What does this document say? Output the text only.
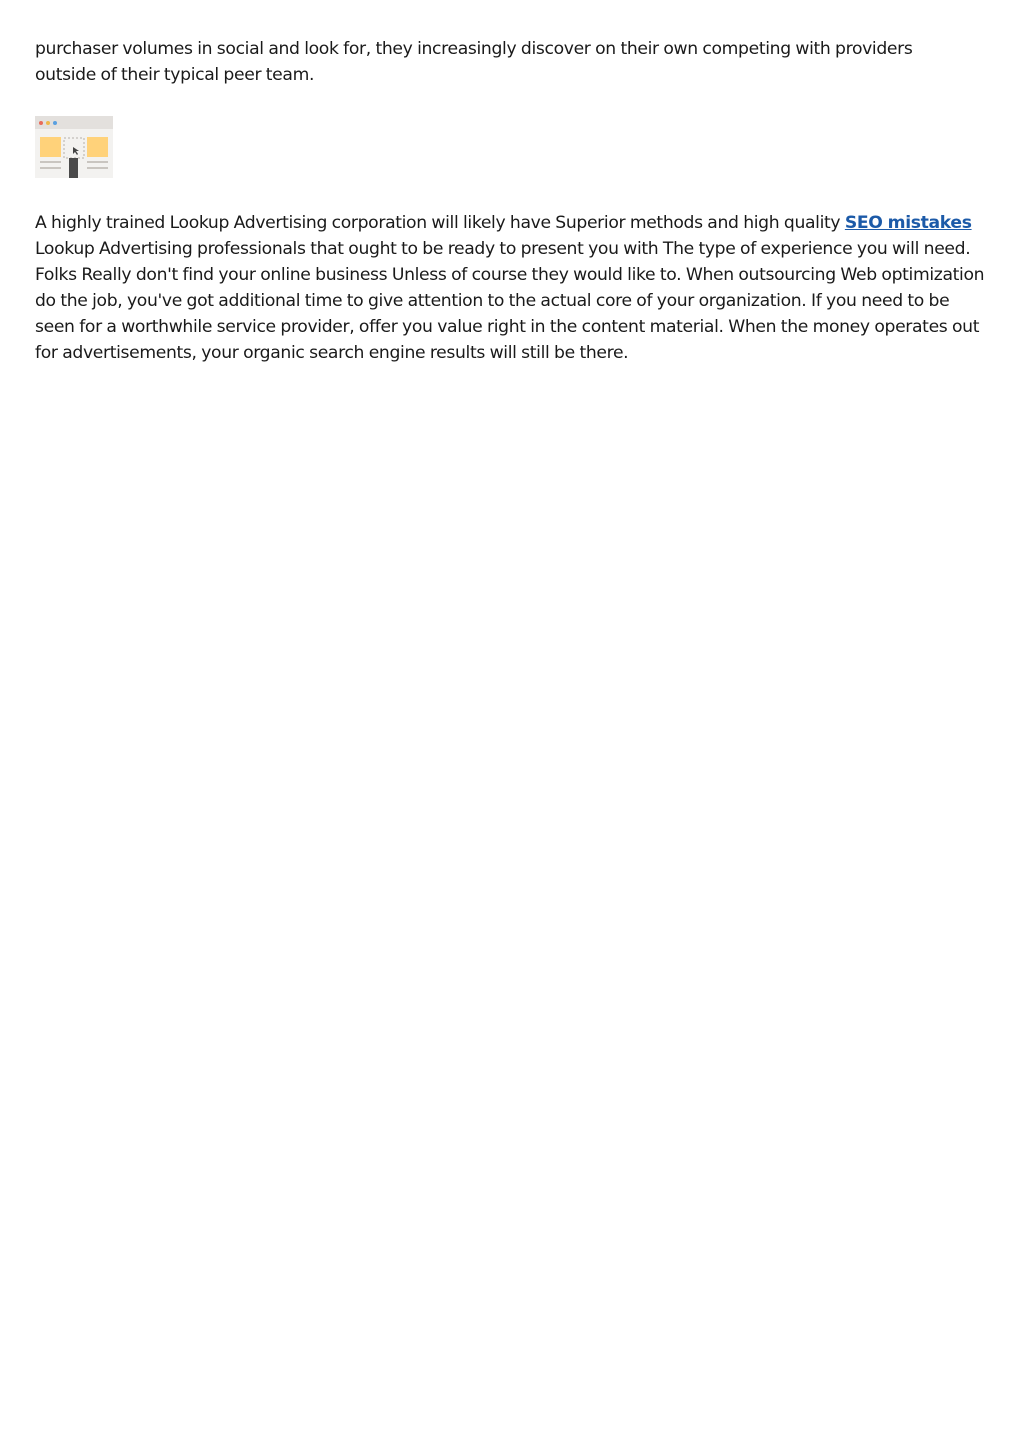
purchaser volumes in social and look for, they increasingly discover on their own competing with providers outside of their typical peer team.

A highly trained Lookup Advertising corporation will likely have Superior methods and high quality SEO mistakes Lookup Advertising professionals that ought to be ready to present you with The type of experience you will need. Folks Really don't find your online business Unless of course they would like to. When outsourcing Web optimization do the job, you've got additional time to give attention to the actual core of your organization. If you need to be seen for a worthwhile service provider, offer you value right in the content material. When the money operates out for advertisements, your organic search engine results will still be there.
